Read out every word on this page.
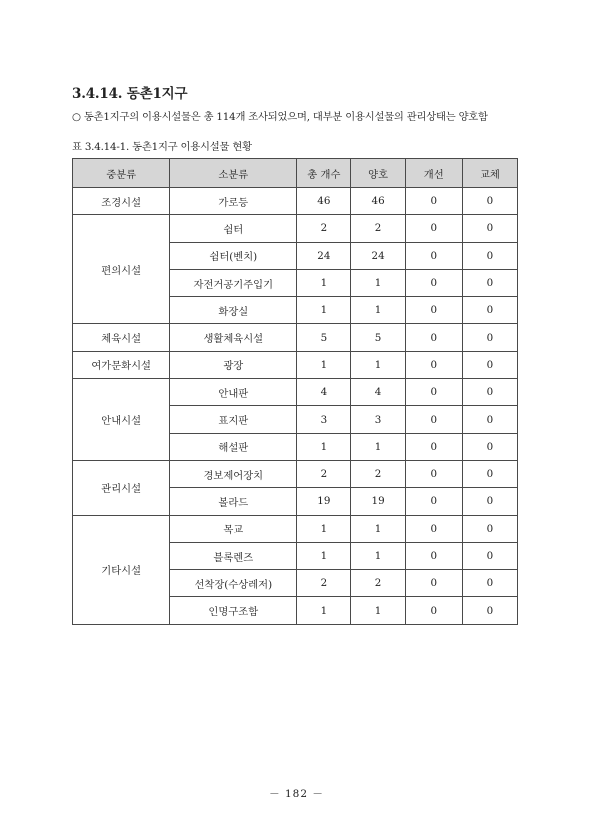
3.4.14. 동촌1지구
○ 동촌1지구의 이용시설물은 총 114개 조사되었으며, 대부분 이용시설물의 관리상태는 양호함
표 3.4.14-1. 동촌1지구 이용시설물 현황
중분류	소분류	총 개수	양호	개선	교체
조경시설	가로등	46	46	0	0
편의시설	쉼터	2	2	0	0
	쉼터(벤치)	24	24	0	0
	자전거공기주입기	1	1	0	0
	화장실	1	1	0	0
체육시설	생활체육시설	5	5	0	0
여가문화시설	광장	1	1	0	0
안내시설	안내판	4	4	0	0
	표지판	3	3	0	0
	해설판	1	1	0	0
관리시설	경보제어장치	2	2	0	0
	볼라드	19	19	0	0
기타시설	목교	1	1	0	0
	블록렌즈	1	1	0	0
	선착장(수상레저)	2	2	0	0
	인명구조함	1	1	0	0
－ 182 －
